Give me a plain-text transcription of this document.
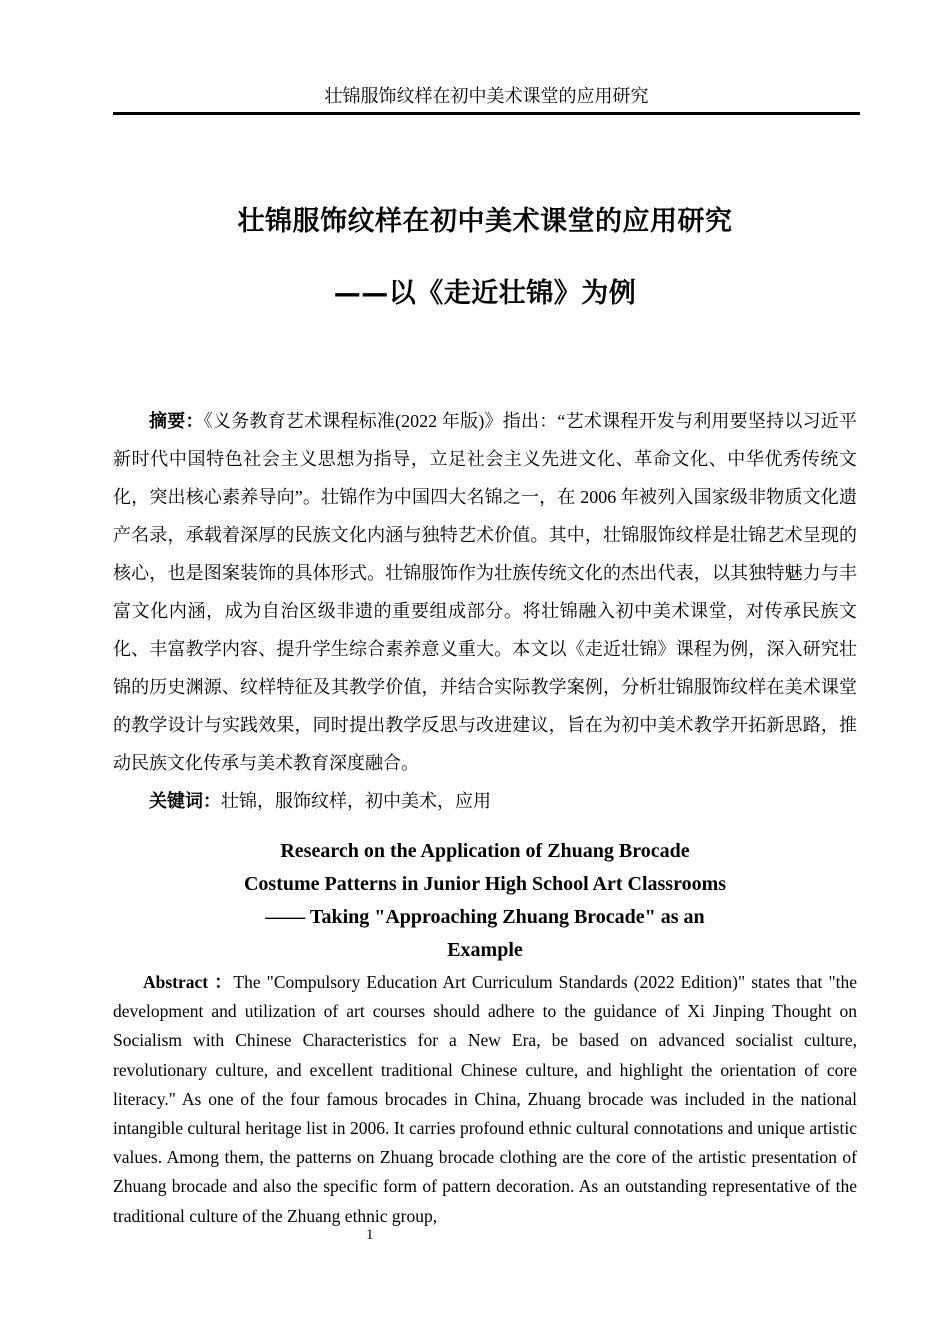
壮锦服饰纹样在初中美术课堂的应用研究
壮锦服饰纹样在初中美术课堂的应用研究
——以《走近壮锦》为例

摘要：《义务教育艺术课程标准(2022 年版)》指出：“艺术课程开发与利用要坚持以习近平新时代中国特色社会主义思想为指导，立足社会主义先进文化、革命文化、中华优秀传统文化，突出核心素养导向”。壮锦作为中国四大名锦之一，在 2006 年被列入国家级非物质文化遗产名录，承载着深厚的民族文化内涵与独特艺术价值。其中，壮锦服饰纹样是壮锦艺术呈现的核心，也是图案装饰的具体形式。壮锦服饰作为壮族传统文化的杰出代表，以其独特魅力与丰富文化内涵，成为自治区级非遗的重要组成部分。将壮锦融入初中美术课堂，对传承民族文化、丰富教学内容、提升学生综合素养意义重大。本文以《走近壮锦》课程为例，深入研究壮锦的历史渊源、纹样特征及其教学价值，并结合实际教学案例，分析壮锦服饰纹样在美术课堂的教学设计与实践效果，同时提出教学反思与改进建议，旨在为初中美术教学开拓新思路，推动民族文化传承与美术教育深度融合。

关键词：壮锦，服饰纹样，初中美术，应用

Research on the Application of Zhuang Brocade
Costume Patterns in Junior High School Art Classrooms
—— Taking "Approaching Zhuang Brocade" as an
Example

Abstract ：The "Compulsory Education Art Curriculum Standards (2022 Edition)" states that "the development and utilization of art courses should adhere to the guidance of Xi Jinping Thought on Socialism with Chinese Characteristics for a New Era, be based on advanced socialist culture, revolutionary culture, and excellent traditional Chinese culture, and highlight the orientation of core literacy." As one of the four famous brocades in China, Zhuang brocade was included in the national intangible cultural heritage list in 2006. It carries profound ethnic cultural connotations and unique artistic values. Among them, the patterns on Zhuang brocade clothing are the core of the artistic presentation of Zhuang brocade and also the specific form of pattern decoration. As an outstanding representative of the traditional culture of the Zhuang ethnic group,

1
